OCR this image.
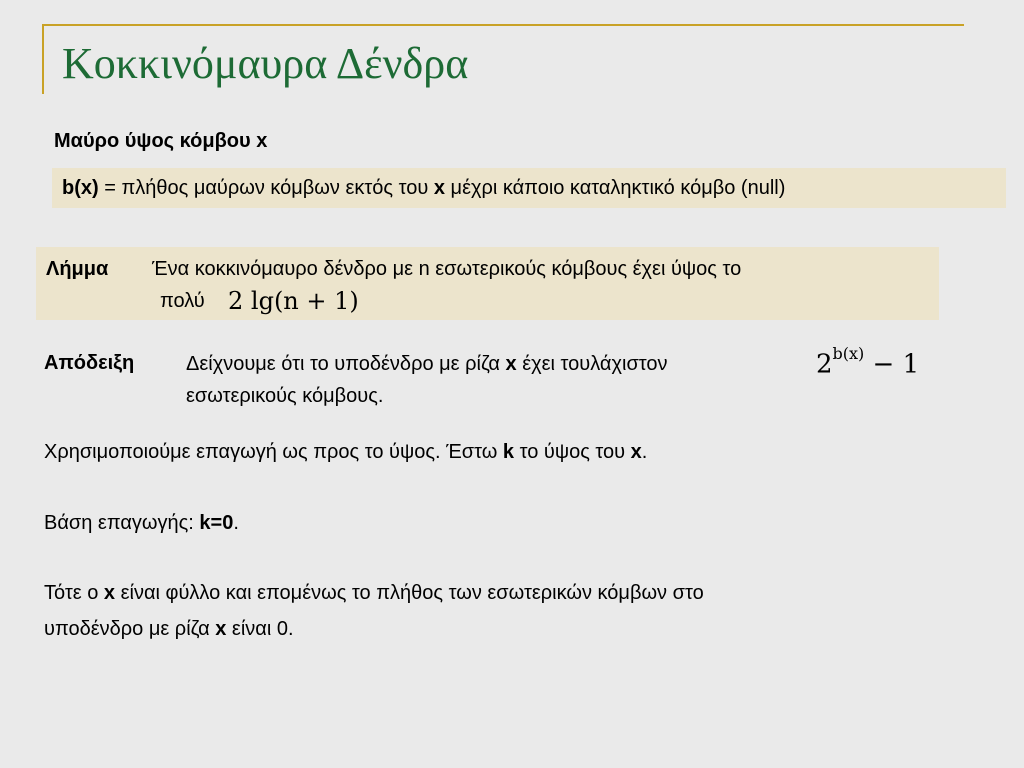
Κοκκινόμαυρα Δένδρα
Μαύρο ύψος κόμβου x
b(x) = πλήθος μαύρων κόμβων εκτός του x μέχρι κάποιο καταληκτικό κόμβο (null)
Λήμμα Ένα κοκκινόμαυρο δένδρο με n εσωτερικούς κόμβους έχει ύψος το
πολύ 2 lg(n + 1)
Απόδειξη	Δείχνουμε ότι το υποδένδρο με ρίζα x έχει τουλάχιστον	$2^{b(x)} - 1$
εσωτερικούς κόμβους.
Χρησιμοποιούμε επαγωγή ως προς το ύψος. Έστω k το ύψος του x.
Βάση επαγωγής: k=0.
Τότε ο x είναι φύλλο και επομένως το πλήθος των εσωτερικών κόμβων στο
υποδένδρο με ρίζα x είναι 0.
